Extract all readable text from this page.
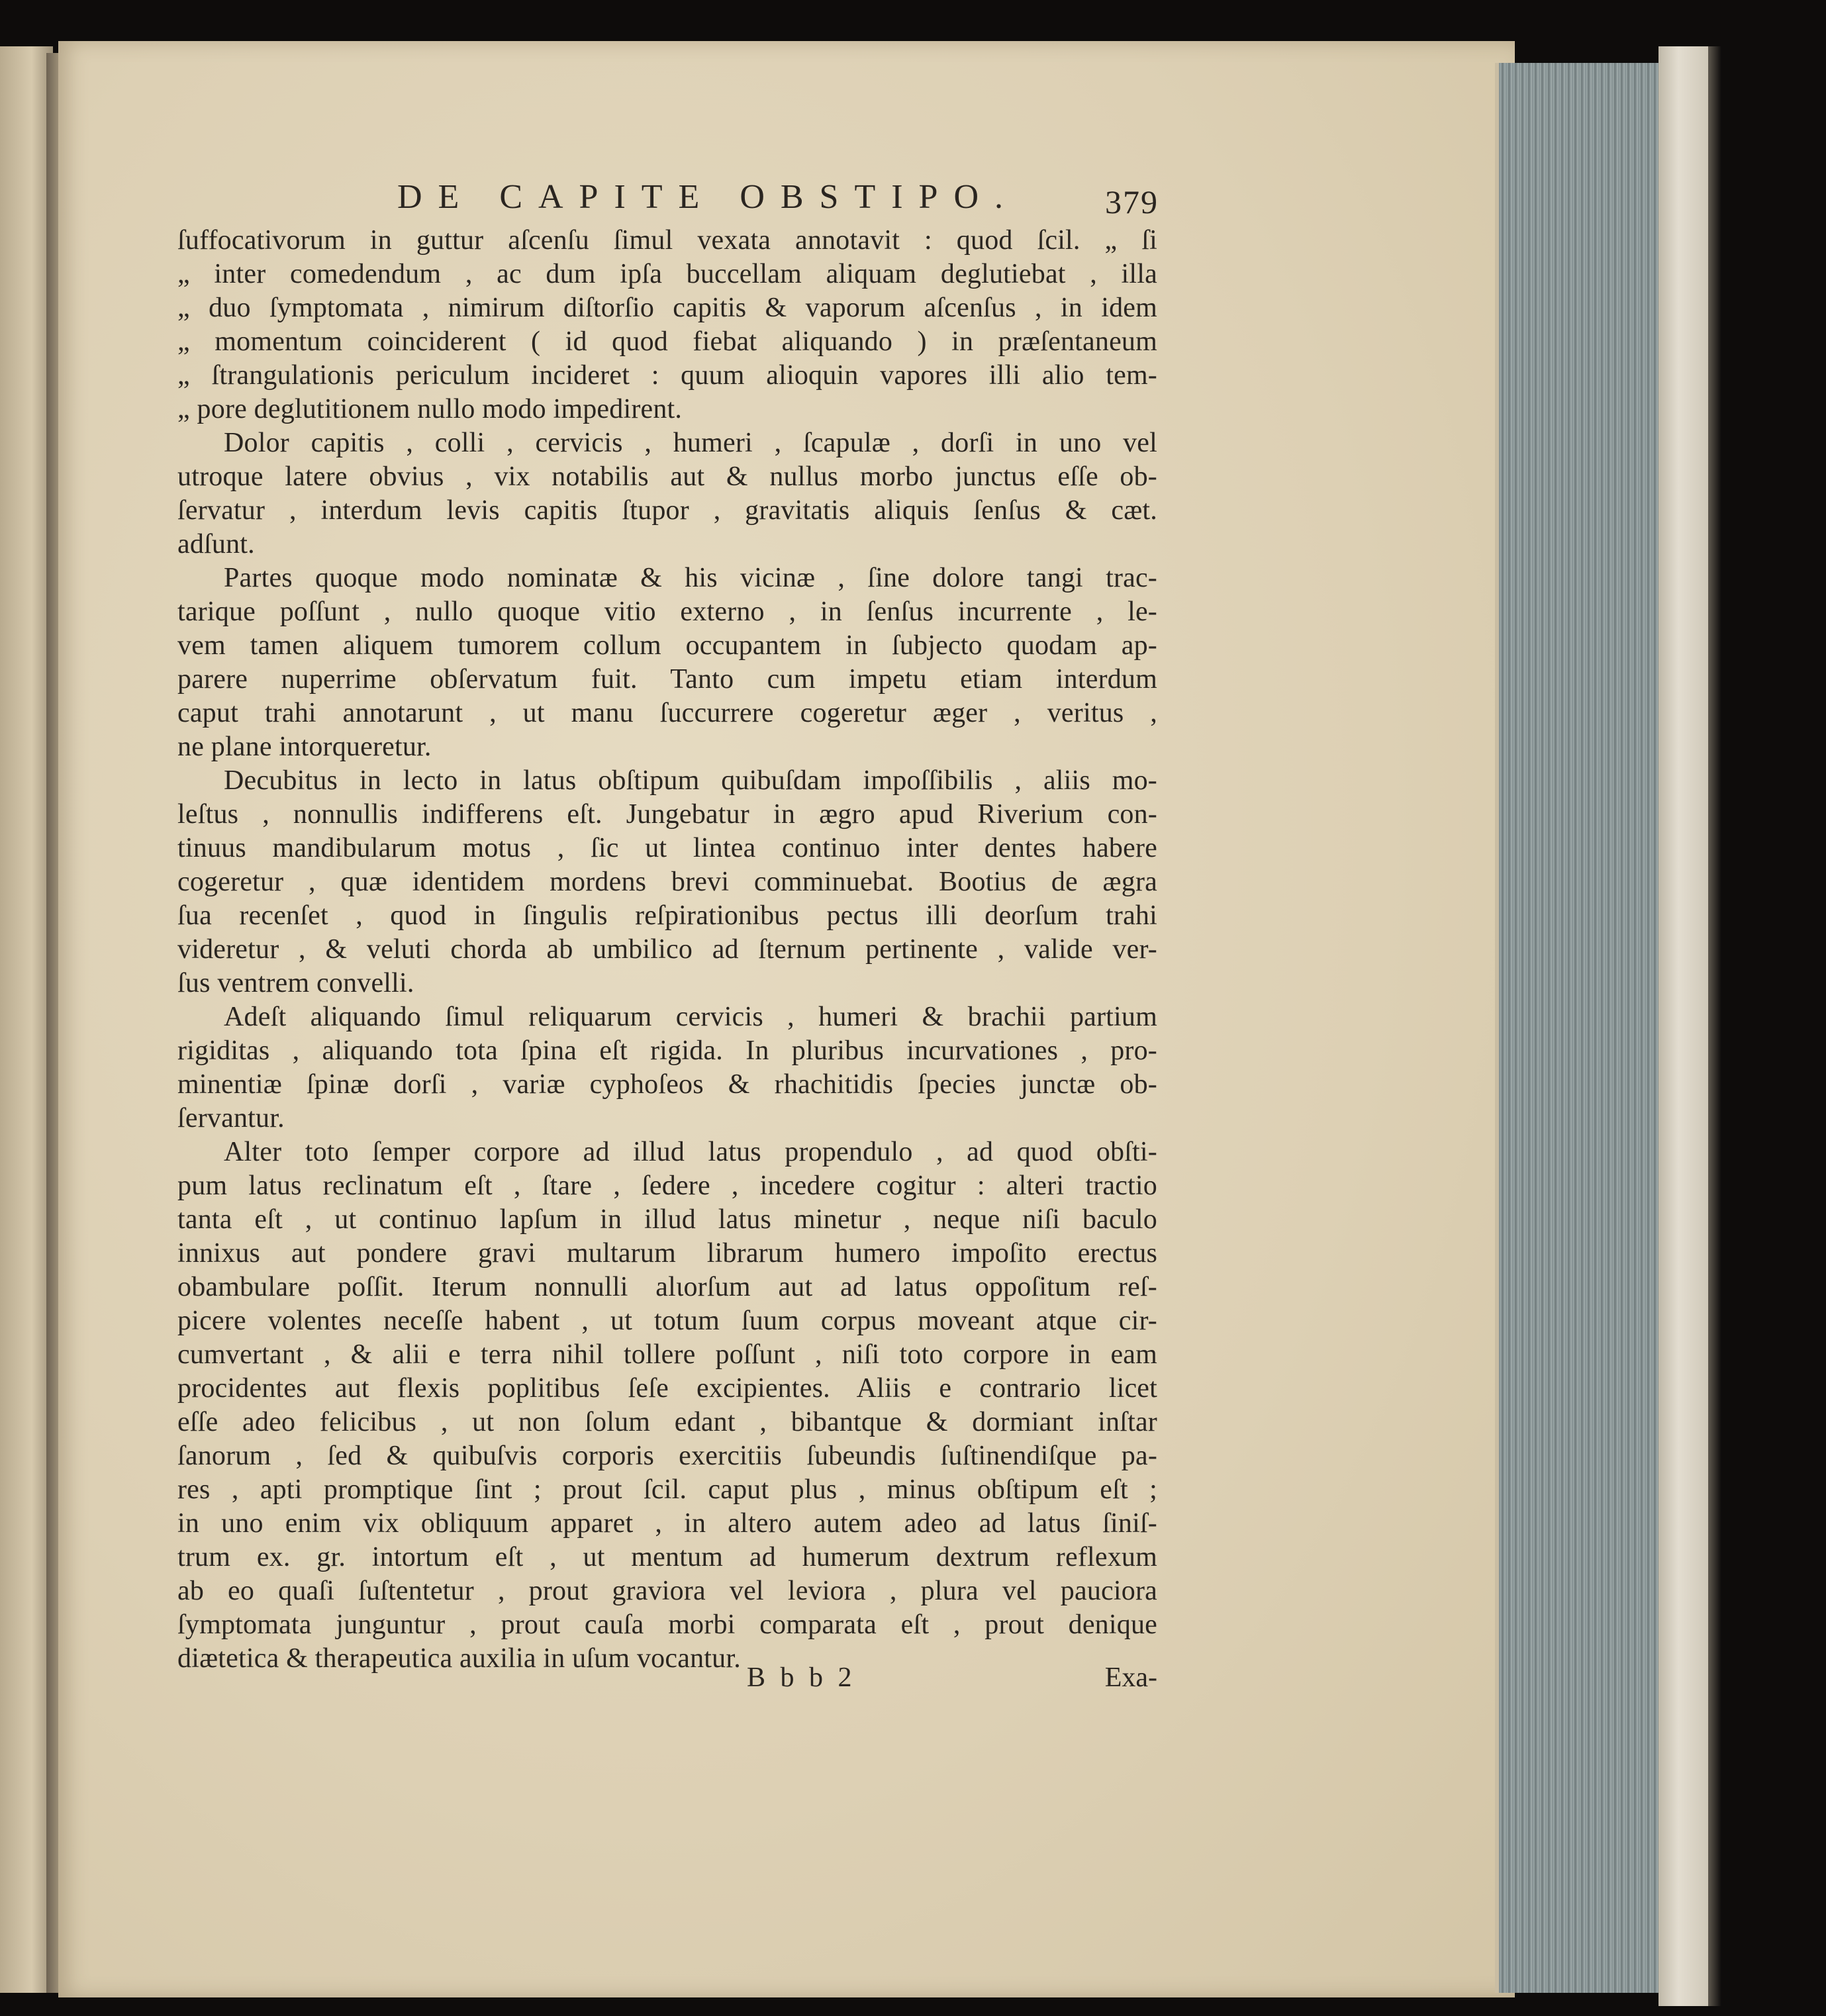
DE CAPITE OBSTIPO.	379
ſuffocativorum in guttur aſcenſu ſimul vexata annotavit : quod ſcil. „ ſi
„ inter comedendum , ac dum ipſa buccellam aliquam deglutiebat , illa
„ duo ſymptomata , nimirum diſtorſio capitis & vaporum aſcenſus , in idem
„ momentum coinciderent ( id quod fiebat aliquando ) in præſentaneum
„ ſtrangulationis periculum incideret : quum alioquin vapores illi alio tem-
„ pore deglutitionem nullo modo impedirent.
Dolor capitis , colli , cervicis , humeri , ſcapulæ , dorſi in uno vel
utroque latere obvius , vix notabilis aut & nullus morbo junctus eſſe ob-
ſervatur , interdum levis capitis ſtupor , gravitatis aliquis ſenſus & cæt.
adſunt.
Partes quoque modo nominatæ & his vicinæ , ſine dolore tangi trac-
tarique poſſunt , nullo quoque vitio externo , in ſenſus incurrente , le-
vem tamen aliquem tumorem collum occupantem in ſubjecto quodam ap-
parere nuperrime obſervatum fuit. Tanto cum impetu etiam interdum
caput trahi annotarunt , ut manu ſuccurrere cogeretur æger , veritus ,
ne plane intorqueretur.
Decubitus in lecto in latus obſtipum quibuſdam impoſſibilis , aliis mo-
leſtus , nonnullis indifferens eſt. Jungebatur in ægro apud Riverium con-
tinuus mandibularum motus , ſic ut lintea continuo inter dentes habere
cogeretur , quæ identidem mordens brevi comminuebat. Bootius de ægra
ſua recenſet , quod in ſingulis reſpirationibus pectus illi deorſum trahi
videretur , & veluti chorda ab umbilico ad ſternum pertinente , valide ver-
ſus ventrem convelli.
Adeſt aliquando ſimul reliquarum cervicis , humeri & brachii partium
rigiditas , aliquando tota ſpina eſt rigida. In pluribus incurvationes , pro-
minentiæ ſpinæ dorſi , variæ cyphoſeos & rhachitidis ſpecies junctæ ob-
ſervantur.
Alter toto ſemper corpore ad illud latus propendulo , ad quod obſti-
pum latus reclinatum eſt , ſtare , ſedere , incedere cogitur : alteri tractio
tanta eſt , ut continuo lapſum in illud latus minetur , neque niſi baculo
innixus aut pondere gravi multarum librarum humero impoſito erectus
obambulare poſſit. Iterum nonnulli alιorſum aut ad latus oppoſitum reſ-
picere volentes neceſſe habent , ut totum ſuum corpus moveant atque cir-
cumvertant , & alii e terra nihil tollere poſſunt , niſi toto corpore in eam
procidentes aut flexis poplitibus ſeſe excipientes. Aliis e contrario licet
eſſe adeo felicibus , ut non ſolum edant , bibantque & dormiant inſtar
ſanorum , ſed & quibuſvis corporis exercitiis ſubeundis ſuſtinendiſque pa-
res , apti promptique ſint ; prout ſcil. caput plus , minus obſtipum eſt ;
in uno enim vix obliquum apparet , in altero autem adeo ad latus ſiniſ-
trum ex. gr. intortum eſt , ut mentum ad humerum dextrum reflexum
ab eo quaſi ſuſtentetur , prout graviora vel leviora , plura vel pauciora
ſymptomata junguntur , prout cauſa morbi comparata eſt , prout denique
diætetica & therapeutica auxilia in uſum vocantur.
B b b 2	Exa-
